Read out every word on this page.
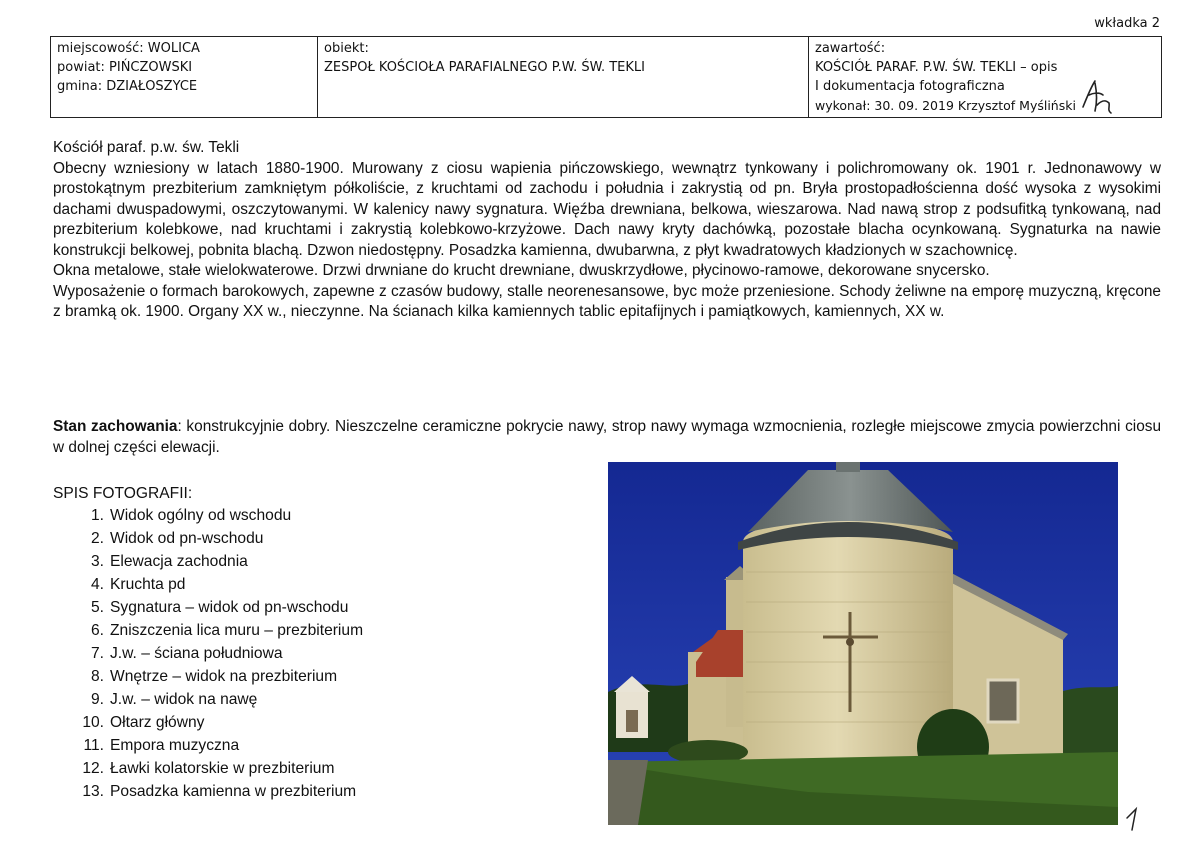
wkładka 2
miejscowość: WOLICA
powiat: PIŃCZOWSKI
gmina: DZIAŁOSZYCE

obiekt:
ZESPOŁ KOŚCIOŁA PARAFIALNEGO P.W. ŚW. TEKLI

zawartość:
KOŚCIÓŁ PARAF. P.W. ŚW. TEKLI – opis
I dokumentacja fotograficzna
wykonał: 30. 09. 2019 Krzysztof Myśliński

Kościół paraf. p.w. św. Tekli

Obecny wzniesiony w latach 1880-1900. Murowany z ciosu wapienia pińczowskiego, wewnątrz tynkowany i polichromowany ok. 1901 r. Jednonawowy w prostokątnym prezbiterium zamkniętym półkoliście, z kruchtami od zachodu i południa i zakrystią od pn. Bryła prostopadłościenna dość wysoka z wysokimi dachami dwuspadowymi, oszczytowanymi. W kalenicy nawy sygnatura. Więźba drewniana, belkowa, wieszarowa. Nad nawą strop z podsufitką tynkowaną, nad prezbiterium kolebkowe, nad kruchtami i zakrystią kolebkowo-krzyżowe. Dach nawy kryty dachówką, pozostałe blacha ocynkowaną. Sygnaturka na nawie konstrukcji belkowej, pobnita blachą. Dzwon niedostępny. Posadzka kamienna, dwubarwna, z płyt kwadratowych kładzionych w szachownicę.

Okna metalowe, stałe wielokwaterowe. Drzwi drwniane do krucht drewniane, dwuskrzydłowe, płycinowo-ramowe, dekorowane snycersko.

Wyposażenie o formach barokowych, zapewne z czasów budowy, stalle neorenesansowe, byc może przeniesione. Schody żeliwne na emporę muzyczną, kręcone z bramką ok. 1900. Organy XX w., nieczynne. Na ścianach kilka kamiennych tablic epitafijnych i pamiątkowych, kamiennych, XX w.

Stan zachowania: konstrukcyjnie dobry. Nieszczelne ceramiczne pokrycie nawy, strop nawy wymaga wzmocnienia, rozległe miejscowe zmycia powierzchni ciosu w dolnej części elewacji.
SPIS FOTOGRAFII:
1. Widok ogólny od wschodu
2. Widok od pn-wschodu
3. Elewacja zachodnia
4. Kruchta pd
5. Sygnatura – widok od pn-wschodu
6. Zniszczenia lica muru – prezbiterium
7. J.w. – ściana południowa
8. Wnętrze – widok na prezbiterium
9. J.w. – widok na nawę
10. Ołtarz główny
11. Empora muzyczna
12. Ławki kolatorskie w prezbiterium
13. Posadzka kamienna w prezbiterium
